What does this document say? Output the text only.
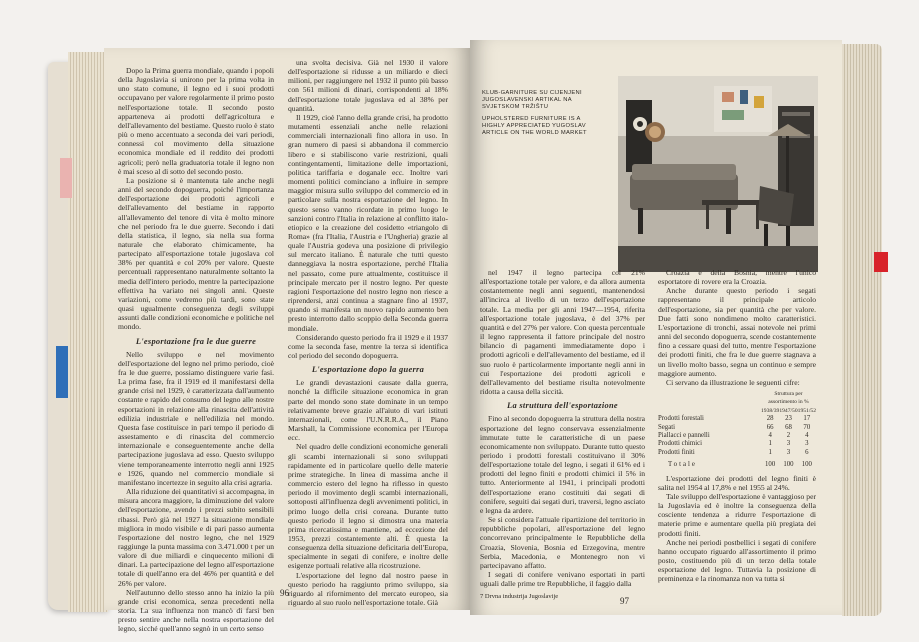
Dopo la Prima guerra mondiale, quando i popoli della Jugoslavia si unirono per la prima volta in uno stato comune, il legno ed i suoi prodotti occupavano per valore regolarmente il primo posto nell'esportazione totale. Il secondo posto apparteneva ai prodotti dell'agricoltura e dell'allevamento del bestiame. Questo ruolo è stato più o meno accentuato a seconda dei vari periodi, connessi col movimento della situazione economica mondiale ed il reddito dei prodotti agricoli; però nella graduatoria totale il legno non è mai sceso al di sotto del secondo posto.

La posizione si è mantenuta tale anche negli anni del secondo dopoguerra, poiché l'importanza dell'esportazione dei prodotti agricoli e dell'allevamento del bestiame in rapporto all'allevamento del tenore di vita è molto minore che nel periodo fra le due guerre. Secondo i dati della statistica, il legno, sia nella sua forma naturale che elaborato chimicamente, ha partecipato all'esportazione totale jugoslava col 38% per quantità e col 20% per valore. Queste percentuali rappresentano naturalmente soltanto la media dell'intero periodo, mentre la partecipazione effettiva ha variato nei singoli anni. Queste variazioni, come vedremo più tardi, sono state quasi ugualmente conseguenza degli sviluppi assunti dalle condizioni economiche e politiche nel mondo.

L'esportazione fra le due guerre

Nello sviluppo e nel movimento dell'esportazione del legno nel primo periodo, cioè fra le due guerre, possiamo distinguere varie fasi. La prima fase, fra il 1919 ed il manifestarsi della grande crisi nel 1929, è caratterizzata dall'aumento costante e rapido del consumo del legno alle nostre esportazioni in relazione alla rinascita dell'attività edilizia industriale e nell'edilizia nel mondo. Questa fase costituisce in pari tempo il periodo di assestamento e di rinascita del commercio internazionale e conseguentemente anche della partecipazione jugoslava ad esso. Questo sviluppo viene temporaneamente interrotto negli anni 1925 e 1926, quando nel commercio mondiale si manifestano incertezze in seguito alla crisi agraria.

Alla riduzione dei quantitativi si accompagna, in misura ancora maggiore, la diminuzione del valore dell'esportazione, avendo i prezzi subito sensibili ribassi. Però già nel 1927 la situazione mondiale migliora in modo visibile e di pari passo aumenta l'esportazione del nostro legno, che nel 1929 raggiunge la punta massima con 3.471.000 t per un valore di due miliardi e cinquecento milioni di dinari. La partecipazione del legno all'esportazione totale di quell'anno era del 46% per quantità e del 26% per valore.

Nell'autunno dello stesso anno ha inizio la più grande crisi economica, senza precedenti nella storia. La sua influenza non mancò di farsi ben presto sentire anche nella nostra esportazione del legno, sicché quell'anno segnò in un certo senso

una svolta decisiva. Già nel 1930 il valore dell'esportazione si ridusse a un miliardo e dieci milioni, per raggiungere nel 1932 il punto più basso con 561 milioni di dinari, corrispondenti al 18% dell'esportazione totale jugoslava ed al 38% per quantità.

Il 1929, cioè l'anno della grande crisi, ha prodotto mutamenti essenziali anche nelle relazioni commerciali internazionali fino allora in uso. In gran numero di paesi si abbandona il commercio libero e si stabiliscono varie restrizioni, quali contingentamenti, limitazione delle importazioni, politica tariffaria e doganale ecc. Inoltre vari momenti politici cominciano a influire in sempre maggior misura sullo sviluppo del commercio ed in particolare sulla nostra esportazione del legno. In questo senso vanno ricordate in primo luogo le sanzioni contro l'Italia in relazione al conflitto italo-etiopico e la creazione del cosidetto «triangolo di Roma» (fra l'Italia, l'Austria e l'Ungheria) grazie al quale l'Austria godeva una posizione di privilegio sul mercato italiano. È naturale che tutti questo danneggiava la nostra esportazione, perché l'Italia nel passato, come pure attualmente, costituisce il principale mercato per il nostro legno. Per queste ragioni l'esportazione del nostro legno non riesce a riprendersi, anzi continua a stagnare fino al 1937, quando si manifesta un nuovo rapido aumento ben presto interrotto dallo scoppio della Seconda guerra mondiale.

Considerando questo periodo fra il 1929 e il 1937 come la seconda fase, mentre la terza si identifica col periodo del secondo dopoguerra.

L'esportazione dopo la guerra

Le grandi devastazioni causate dalla guerra, nonché la difficile situazione economica in gran parte del mondo sono state dominate in un tempo relativamente breve grazie all'aiuto di vari istituti internazionali, come l'U.N.R.R.A., il Piano Marshall, la Commissione economica per l'Europa ecc.

Nel quadro delle condizioni economiche generali gli scambi internazionali si sono sviluppati rapidamente ed in particolare quello delle materie prime strategiche. In linea di massima anche il commercio estero del legno ha riflesso in questo periodo il movimento degli scambi internazionali, sottoposti all'influenza degli avvenimenti politici, in primo luogo della crisi coreana. Durante tutto questo periodo il legno si dimostra una materia prima ricercatissima e mantiene, ad eccezione del 1953, prezzi costantemente alti. È questa la conseguenza della situazione deficitaria dell'Europa, specialmente in segati di conifere, e inoltre delle esigenze portuali relative alla ricostruzione.

L'esportazione del legno dal nostro paese in questo periodo ha raggiunto primo sviluppo, sia riguardo al rifornimento del mercato europeo, sia riguardo al suo ruolo nell'esportazione totale. Già

96

KLUB-GARNITURE SU CIJENJENI JUGOSLAVENSKI ARTIKAL NA SVJETSKOM TRŽIŠTU

UPHOLSTERED FURNITURE IS A HIGHLY APPRECIATED YUGOSLAV ARTICLE ON THE WORLD MARKET

nel 1947 il legno partecipa col 21% all'esportazione totale per valore, e da allora aumenta costantemente negli anni seguenti, mantenendosi all'incirca al livello di un terzo dell'esportazione totale. La media per gli anni 1947—1954, riferita all'esportazione totale jugoslava, è del 37% per quantità e del 27% per valore. Con questa percentuale il legno rappresenta il fattore principale del nostro bilancio di pagamenti immediatamente dopo i prodotti agricoli e dell'allevamento del bestiame, ed il suo ruolo è particolarmente importante negli anni in cui l'esportazione dei prodotti agricoli e dell'allevamento del bestiame risulta notevolmente ridotta a causa della siccità.

La struttura dell'esportazione

Fino al secondo dopoguerra la struttura della nostra esportazione del legno conservava essenzialmente immutate tutte le caratteristiche di un paese economicamente non sviluppato. Durante tutto questo periodo i prodotti forestali costituivano il 30% dell'esportazione totale del legno, i segati il 61% ed i prodotti del legno finiti e prodotti chimici il 5% in tutto. Anteriormente al 1941, i principali prodotti dell'esportazione erano costituiti dai segati di conifere, seguiti dai segati duri, traversi, legno asciato e legna da ardere.

Se si considera l'attuale ripartizione del territorio in repubbliche popolari, all'esportazione del legno concorrevano principalmente le Repubbliche della Croazia, Slovenia, Bosnia ed Erzegovina, mentre Serbia, Macedonia, e Montenegro non vi partecipavano affatto.

I segati di conifere venivano esportati in parti uguali dalle prime tre Repubbliche, il faggio dalla

Croazia e della Bosnia, mentre l'unico esportatore di rovere era la Croazia.

Anche durante questo periodo i segati rappresentano il principale articolo dell'esportazione, sia per quantità che per valore. Due fatti sono nondimeno molto caratteristici. L'esportazione di tronchi, assai notevole nei primi anni del secondo dopoguerra, scende costantemente fino a cessare quasi del tutto, mentre l'esportazione dei prodotti finiti, che fra le due guerre stagnava a un livello molto basso, segna un continuo e sempre maggiore aumento.

Ci servano da illustrazione le seguenti cifre:

	Struttura per assortimento in %		
	1938/39	1947/50	1951/52
Prodotti forestali	28	23	17
Segati	66	68	70
Piallacci e pannelli	4	2	4
Prodotti chimici	1	3	3
Prodotti finiti	1	3	6
Totale	100	100	100

L'esportazione dei prodotti del legno finiti è salita nel 1954 al 17,8% e nel 1955 al 24%.

Tale sviluppo dell'esportazione è vantaggioso per la Jugoslavia ed è inoltre la conseguenza della cosciente tendenza a ridurre l'esportazione di materie prime e aumentare quella più pregiata dei prodotti finiti.

Anche nei periodi postbellici i segati di conifere hanno occupato riguardo all'assortimento il primo posto, costituendo più di un terzo della totale esportazione del legno. Tuttavia la posizione di preminenza e la rinomanza non va tutta si

7 Drvna industrija Jugoslavije	97
